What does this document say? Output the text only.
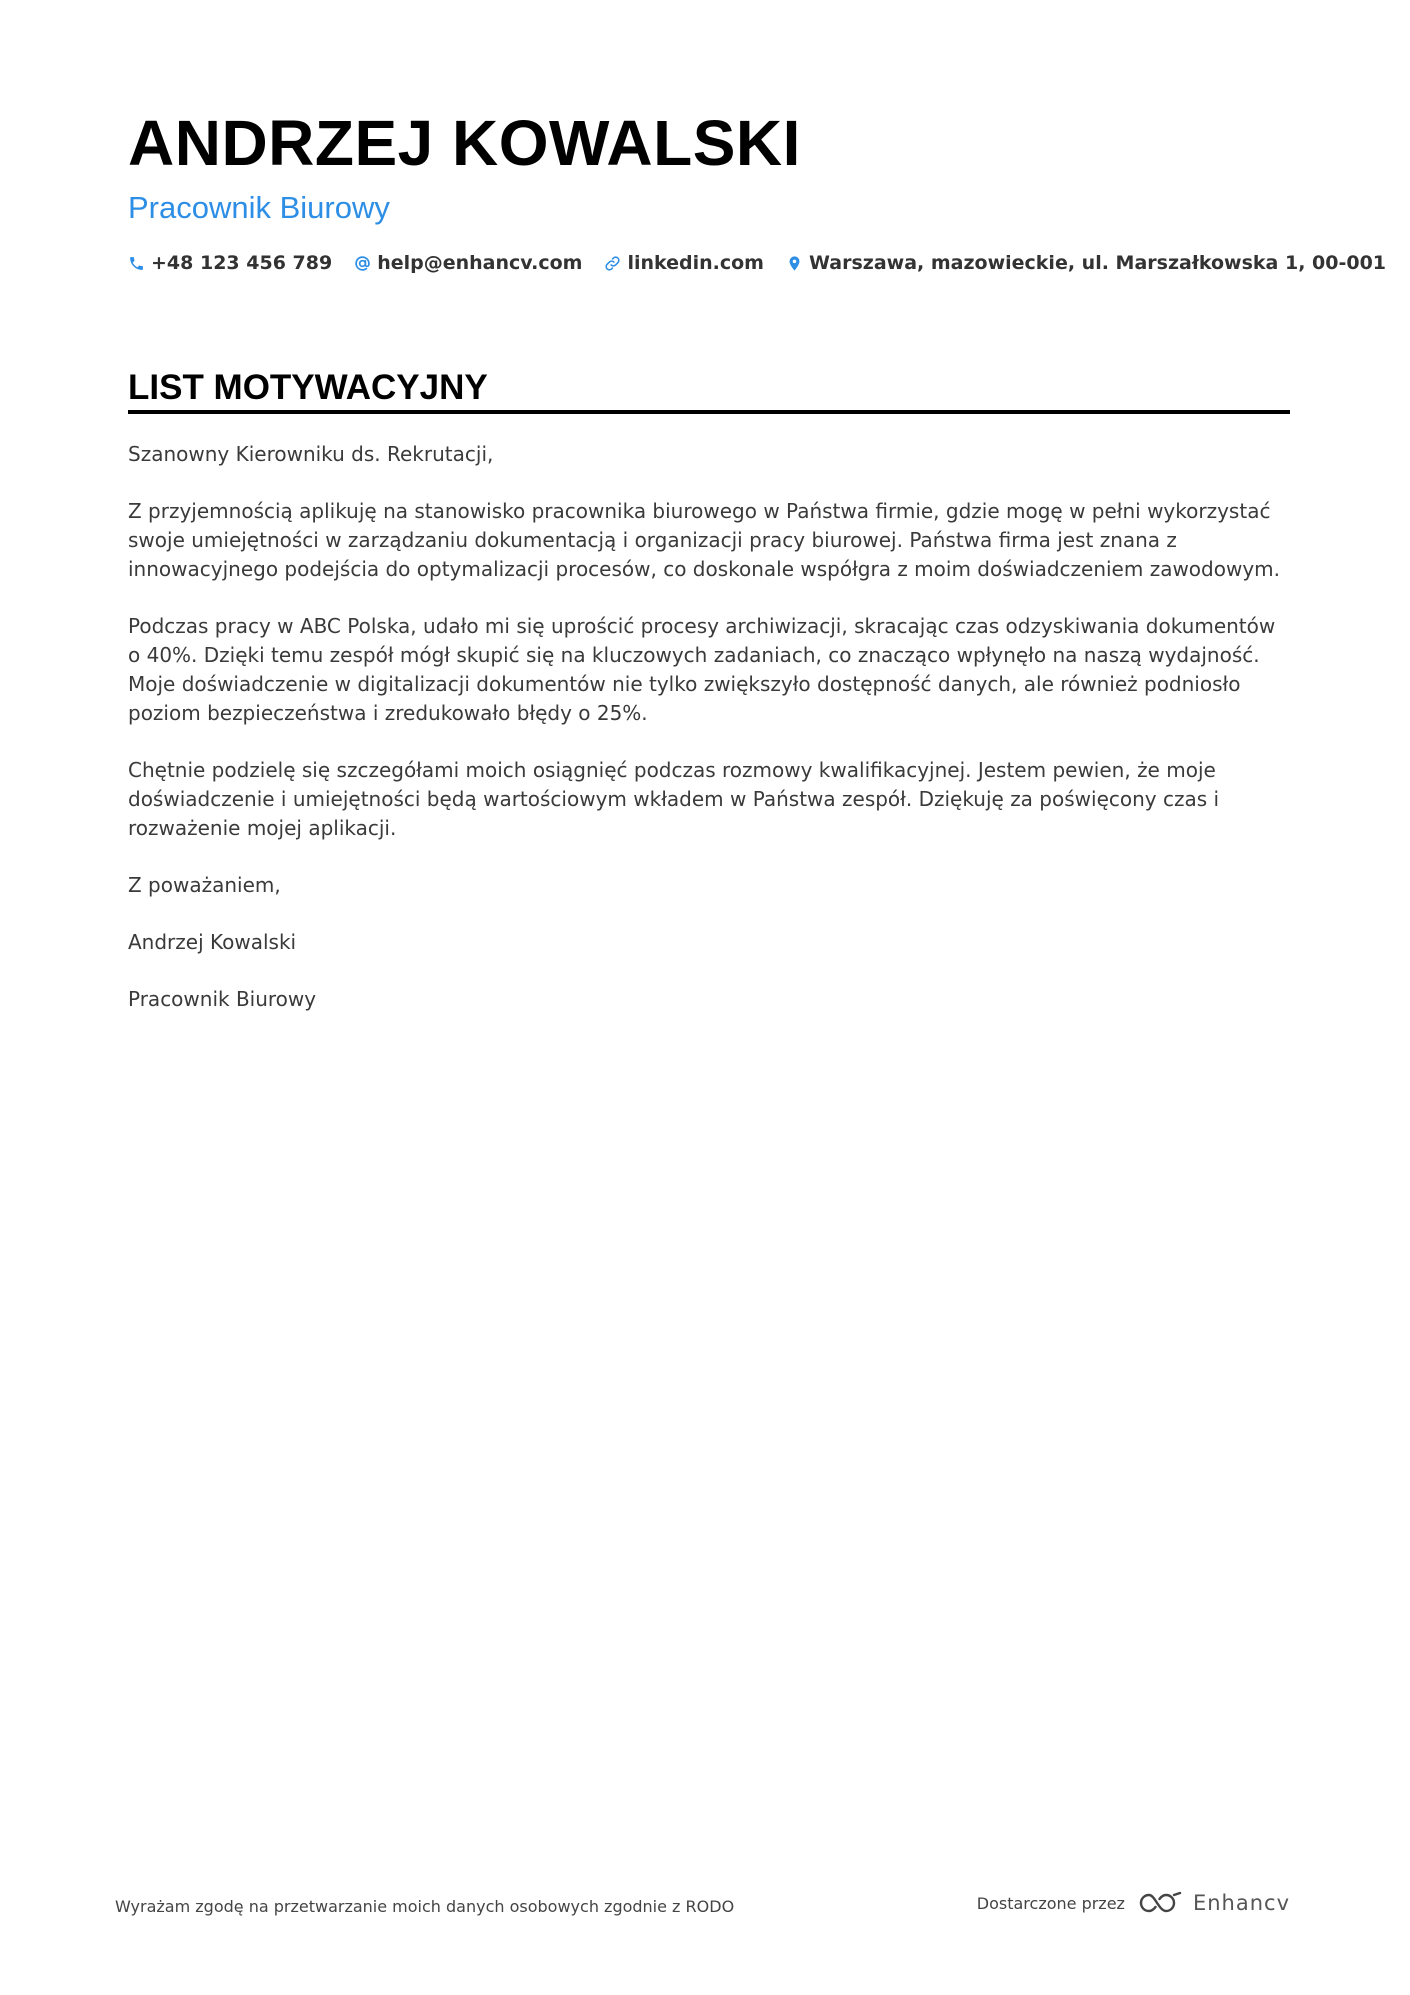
ANDRZEJ KOWALSKI
Pracownik Biurowy
+48 123 456 789 help@enhancv.com linkedin.com Warszawa, mazowieckie, ul. Marszałkowska 1, 00-001
LIST MOTYWACYJNY

Szanowny Kierowniku ds. Rekrutacji,

Z przyjemnością aplikuję na stanowisko pracownika biurowego w Państwa firmie, gdzie mogę w pełni wykorzystać swoje umiejętności w zarządzaniu dokumentacją i organizacji pracy biurowej. Państwa firma jest znana z innowacyjnego podejścia do optymalizacji procesów, co doskonale współgra z moim doświadczeniem zawodowym.

Podczas pracy w ABC Polska, udało mi się uprościć procesy archiwizacji, skracając czas odzyskiwania dokumentów o 40%. Dzięki temu zespół mógł skupić się na kluczowych zadaniach, co znacząco wpłynęło na naszą wydajność. Moje doświadczenie w digitalizacji dokumentów nie tylko zwiększyło dostępność danych, ale również podniosło poziom bezpieczeństwa i zredukowało błędy o 25%.

Chętnie podzielę się szczegółami moich osiągnięć podczas rozmowy kwalifikacyjnej. Jestem pewien, że moje doświadczenie i umiejętności będą wartościowym wkładem w Państwa zespół. Dziękuję za poświęcony czas i rozważenie mojej aplikacji.

Z poważaniem,

Andrzej Kowalski

Pracownik Biurowy

Wyrażam zgodę na przetwarzanie moich danych osobowych zgodnie z RODO	Dostarczone przez	Enhancv
